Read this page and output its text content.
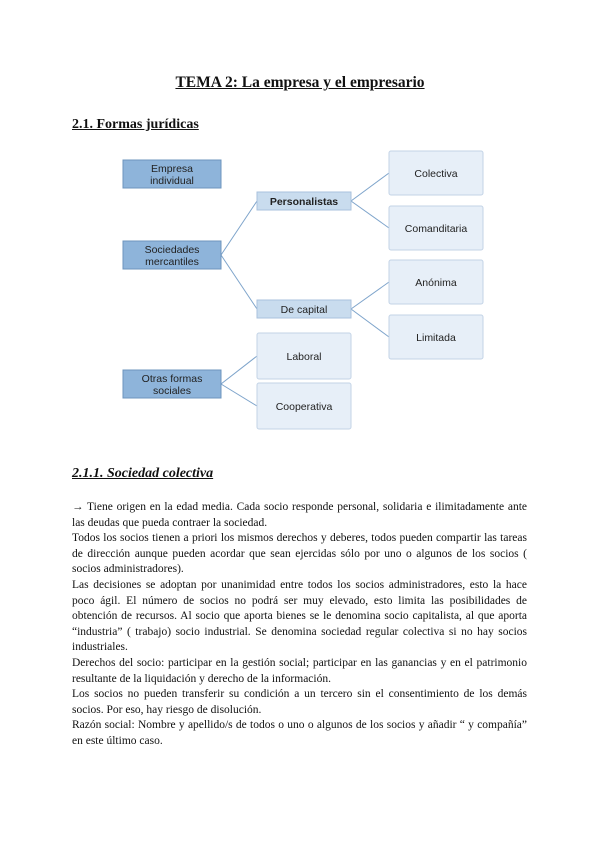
TEMA 2: La empresa y el empresario
2.1. Formas jurídicas
Empresa
individual
Sociedades
mercantiles
Otras formas
sociales
Personalistas
De capital
Colectiva
Comanditaria
Anónima
Limitada
Laboral
Cooperativa
2.1.1. Sociedad colectiva

→ Tiene origen en la edad media. Cada socio responde personal, solidaria e ilimitadamente ante las deudas que pueda contraer la sociedad.

Todos los socios tienen a priori los mismos derechos y deberes, todos pueden compartir las tareas de dirección aunque pueden acordar que sean ejercidas sólo por uno o algunos de los socios ( socios administradores).

Las decisiones se adoptan por unanimidad entre todos los socios administradores, esto la hace poco ágil. El número de socios no podrá ser muy elevado, esto limita las posibilidades de obtención de recursos. Al socio que aporta bienes se le denomina socio capitalista, al que aporta “industria” ( trabajo) socio industrial. Se denomina sociedad regular colectiva si no hay socios industriales.

Derechos del socio: participar en la gestión social; participar en las ganancias y en el patrimonio resultante de la liquidación y derecho de la información.

Los socios no pueden transferir su condición a un tercero sin el consentimiento de los demás socios. Por eso, hay riesgo de disolución.

Razón social: Nombre y apellido/s de todos o uno o algunos de los socios y añadir “ y compañía” en este último caso.
